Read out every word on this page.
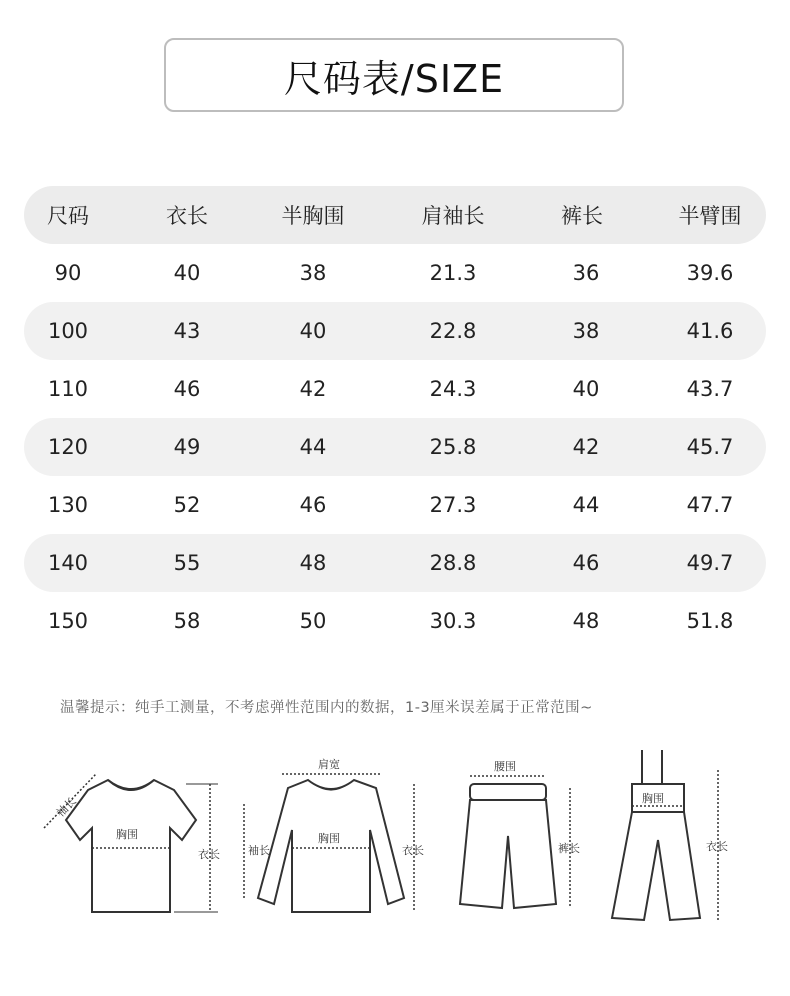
尺码表/SIZE
尺码	衣长	半胸围	肩袖长	裤长	半臂围
90	40	38	21.3	36	39.6
100	43	40	22.8	38	41.6
110	46	42	24.3	40	43.7
120	49	44	25.8	42	45.7
130	52	46	27.3	44	47.7
140	55	48	28.8	46	49.7
150	58	50	30.3	48	51.8
温馨提示：纯手工测量，不考虑弹性范围内的数据，1-3厘米误差属于正常范围~
胸围
衣长
袖长
肩宽
胸围
衣长
袖长
腰围
裤长
胸围
衣长
